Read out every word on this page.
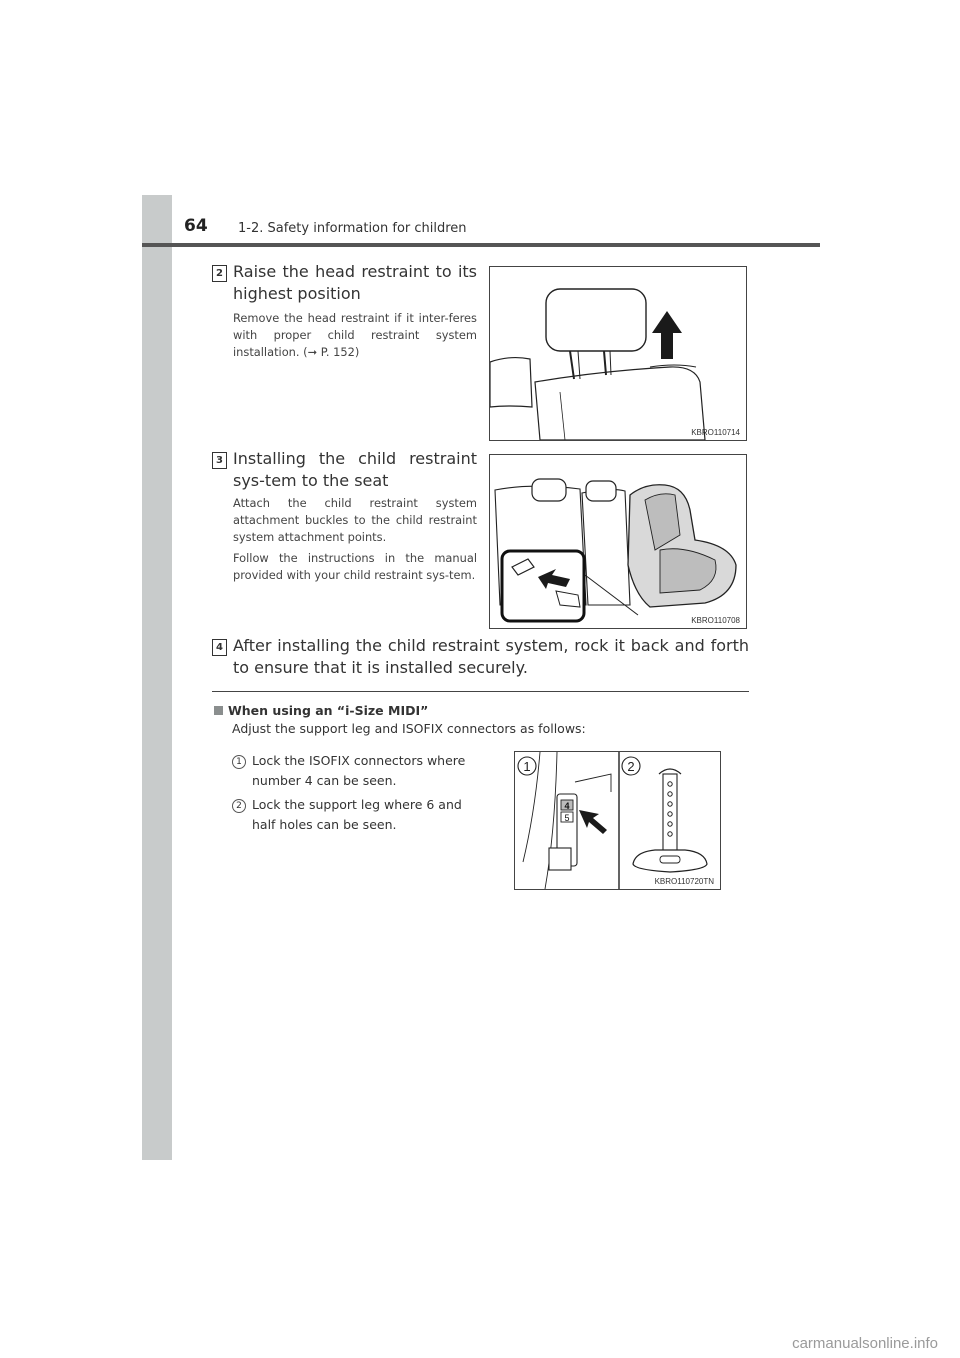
64 1-2. Safety information for children
2 Raise the head restraint to its highest position

Remove the head restraint if it inter-feres with proper child restraint system installation. (➞ P. 152)

KBRO110714
3 Installing the child restraint sys-tem to the seat

Attach the child restraint system attachment buckles to the child restraint system attachment points.

Follow the instructions in the manual provided with your child restraint sys-tem.

KBRO110708
4 After installing the child restraint system, rock it back and forth to ensure that it is installed securely.
When using an “i-Size MIDI”
Adjust the support leg and ISOFIX connectors as follows:
1 Lock the ISOFIX connectors where number 4 can be seen.
2 Lock the support leg where 6 and half holes can be seen.
1	2
4
5
KBRO110720TN
carmanualsonline.info
